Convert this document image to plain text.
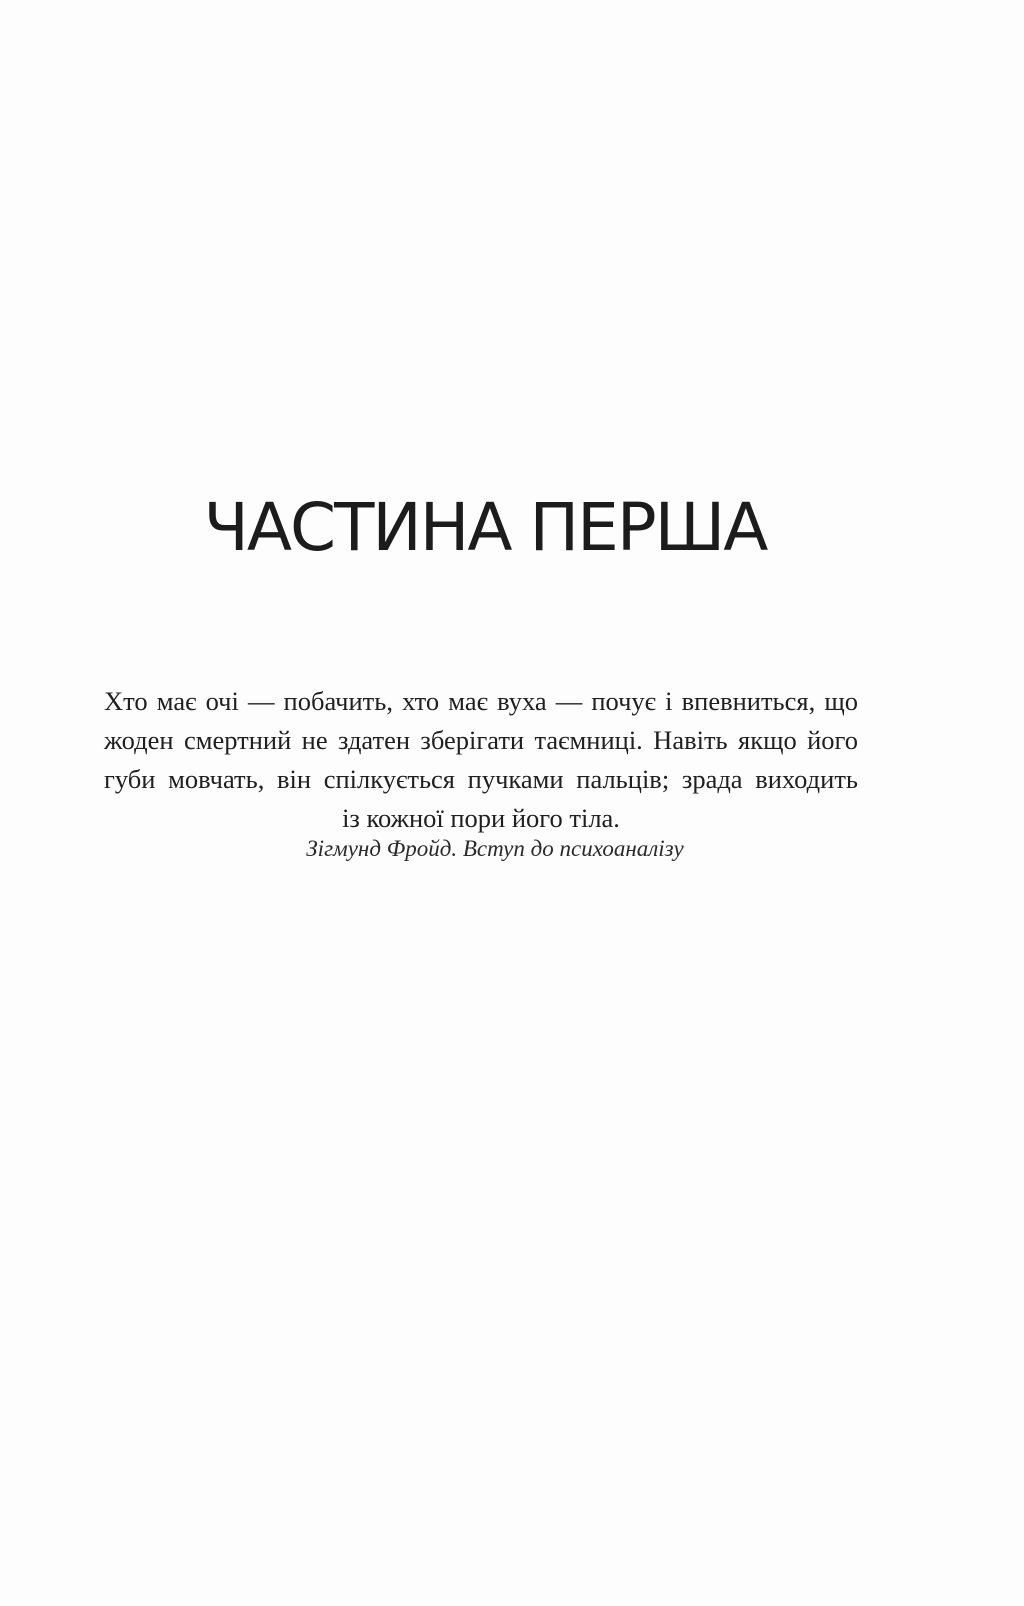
ЧАСТИНА ПЕРША

Хто має очі — побачить, хто має вуха — почує і впевниться, що
жоден смертний не здатен зберігати таємниці. Навіть якщо його
губи мовчать, він спілкується пучками пальців; зрада виходить
із кожної пори його тіла.

Зігмунд Фройд. Вступ до психоаналізу
